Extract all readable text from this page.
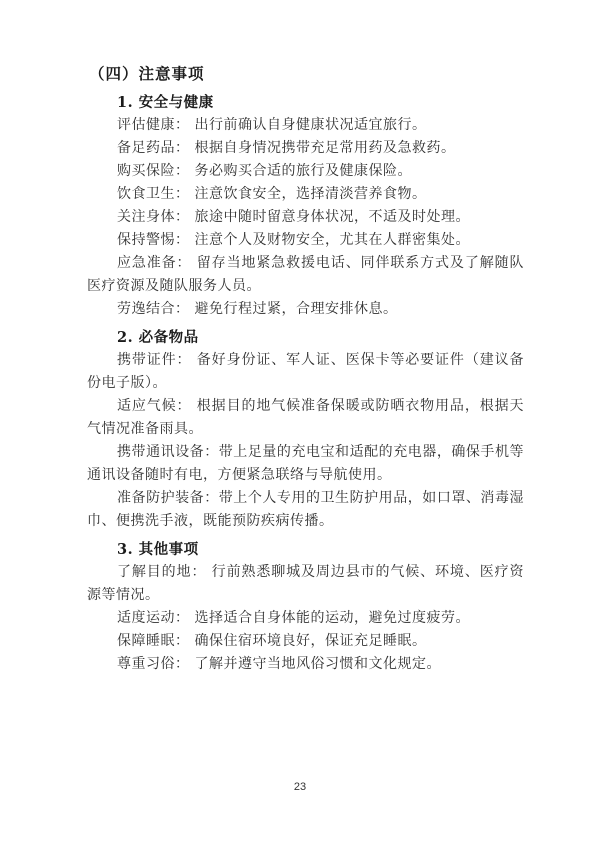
（四）注意事项
1. 安全与健康

评估健康： 出行前确认自身健康状况适宜旅行。

备足药品： 根据自身情况携带充足常用药及急救药。

购买保险： 务必购买合适的旅行及健康保险。

饮食卫生： 注意饮食安全，选择清淡营养食物。

关注身体： 旅途中随时留意身体状况，不适及时处理。

保持警惕： 注意个人及财物安全，尤其在人群密集处。

应急准备： 留存当地紧急救援电话、同伴联系方式及了解随队医疗资源及随队服务人员。

劳逸结合： 避免行程过紧，合理安排休息。

2. 必备物品

携带证件： 备好身份证、军人证、医保卡等必要证件（建议备份电子版）。

适应气候： 根据目的地气候准备保暖或防晒衣物用品，根据天气情况准备雨具。

携带通讯设备：带上足量的充电宝和适配的充电器，确保手机等通讯设备随时有电，方便紧急联络与导航使用。

准备防护装备：带上个人专用的卫生防护用品，如口罩、消毒湿巾、便携洗手液，既能预防疾病传播。

3. 其他事项

了解目的地： 行前熟悉聊城及周边县市的气候、环境、医疗资源等情况。

适度运动： 选择适合自身体能的运动，避免过度疲劳。

保障睡眠： 确保住宿环境良好，保证充足睡眠。

尊重习俗： 了解并遵守当地风俗习惯和文化规定。

23
